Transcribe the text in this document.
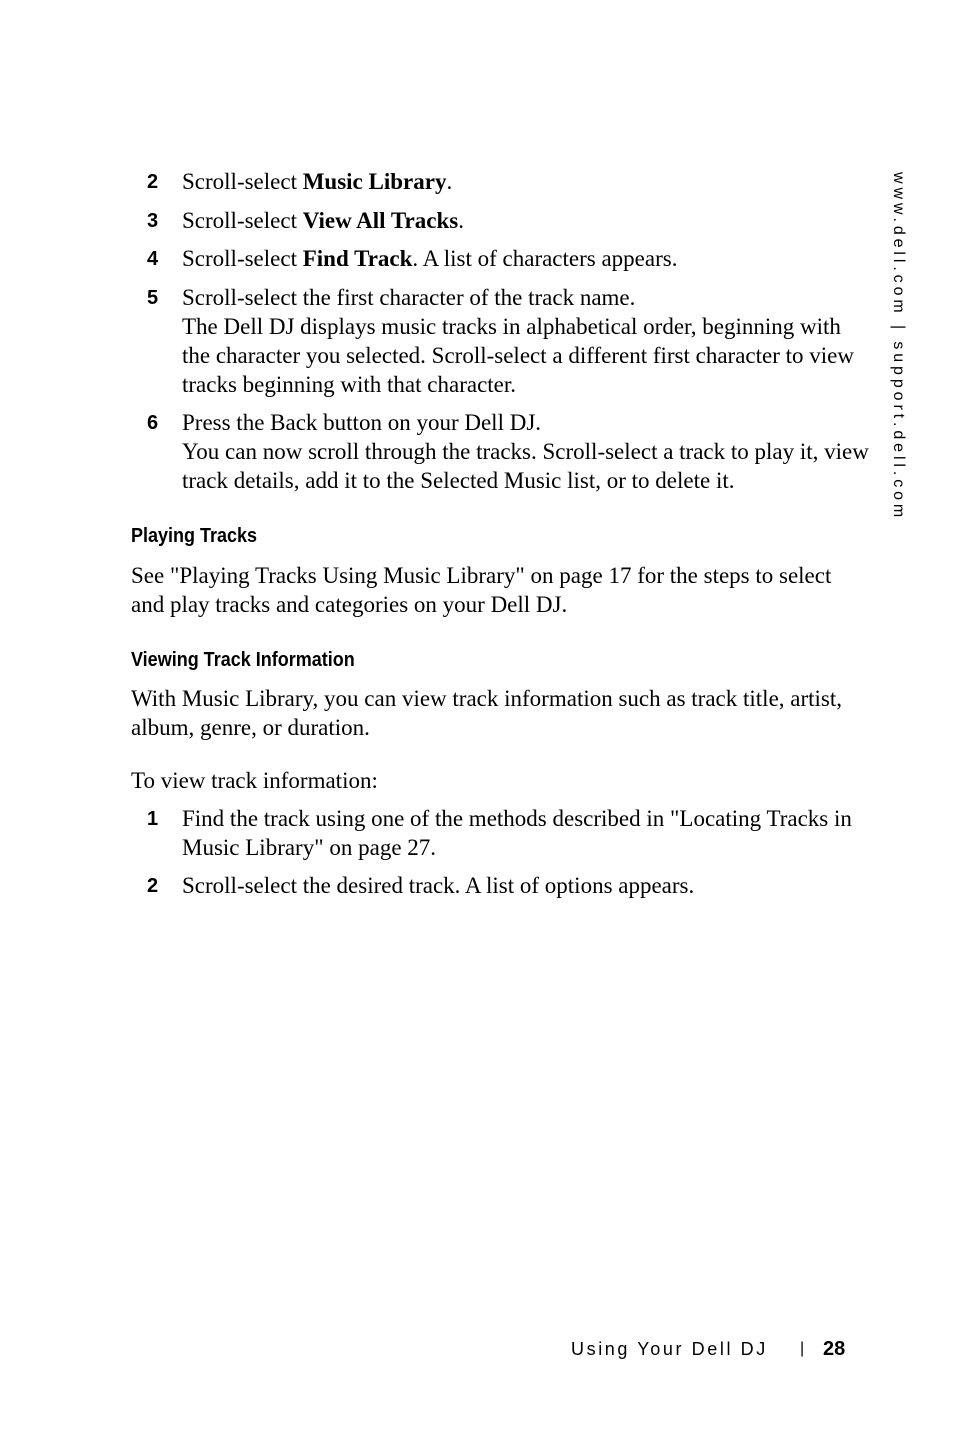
www.dell.com | support.dell.com
2 Scroll-select Music Library.

3 Scroll-select View All Tracks.

4 Scroll-select Find Track. A list of characters appears.

5 Scroll-select the first character of the track name.

The Dell DJ displays music tracks in alphabetical order, beginning with the character you selected. Scroll-select a different first character to view tracks beginning with that character.

6 Press the Back button on your Dell DJ.

You can now scroll through the tracks. Scroll-select a track to play it, view track details, add it to the Selected Music list, or to delete it.

Playing Tracks

See "Playing Tracks Using Music Library" on page 17 for the steps to select and play tracks and categories on your Dell DJ.

Viewing Track Information

With Music Library, you can view track information such as track title, artist, album, genre, or duration.

To view track information:

1 Find the track using one of the methods described in "Locating Tracks in Music Library" on page 27.

2 Scroll-select the desired track. A list of options appears.

Using Your Dell DJ | 28
